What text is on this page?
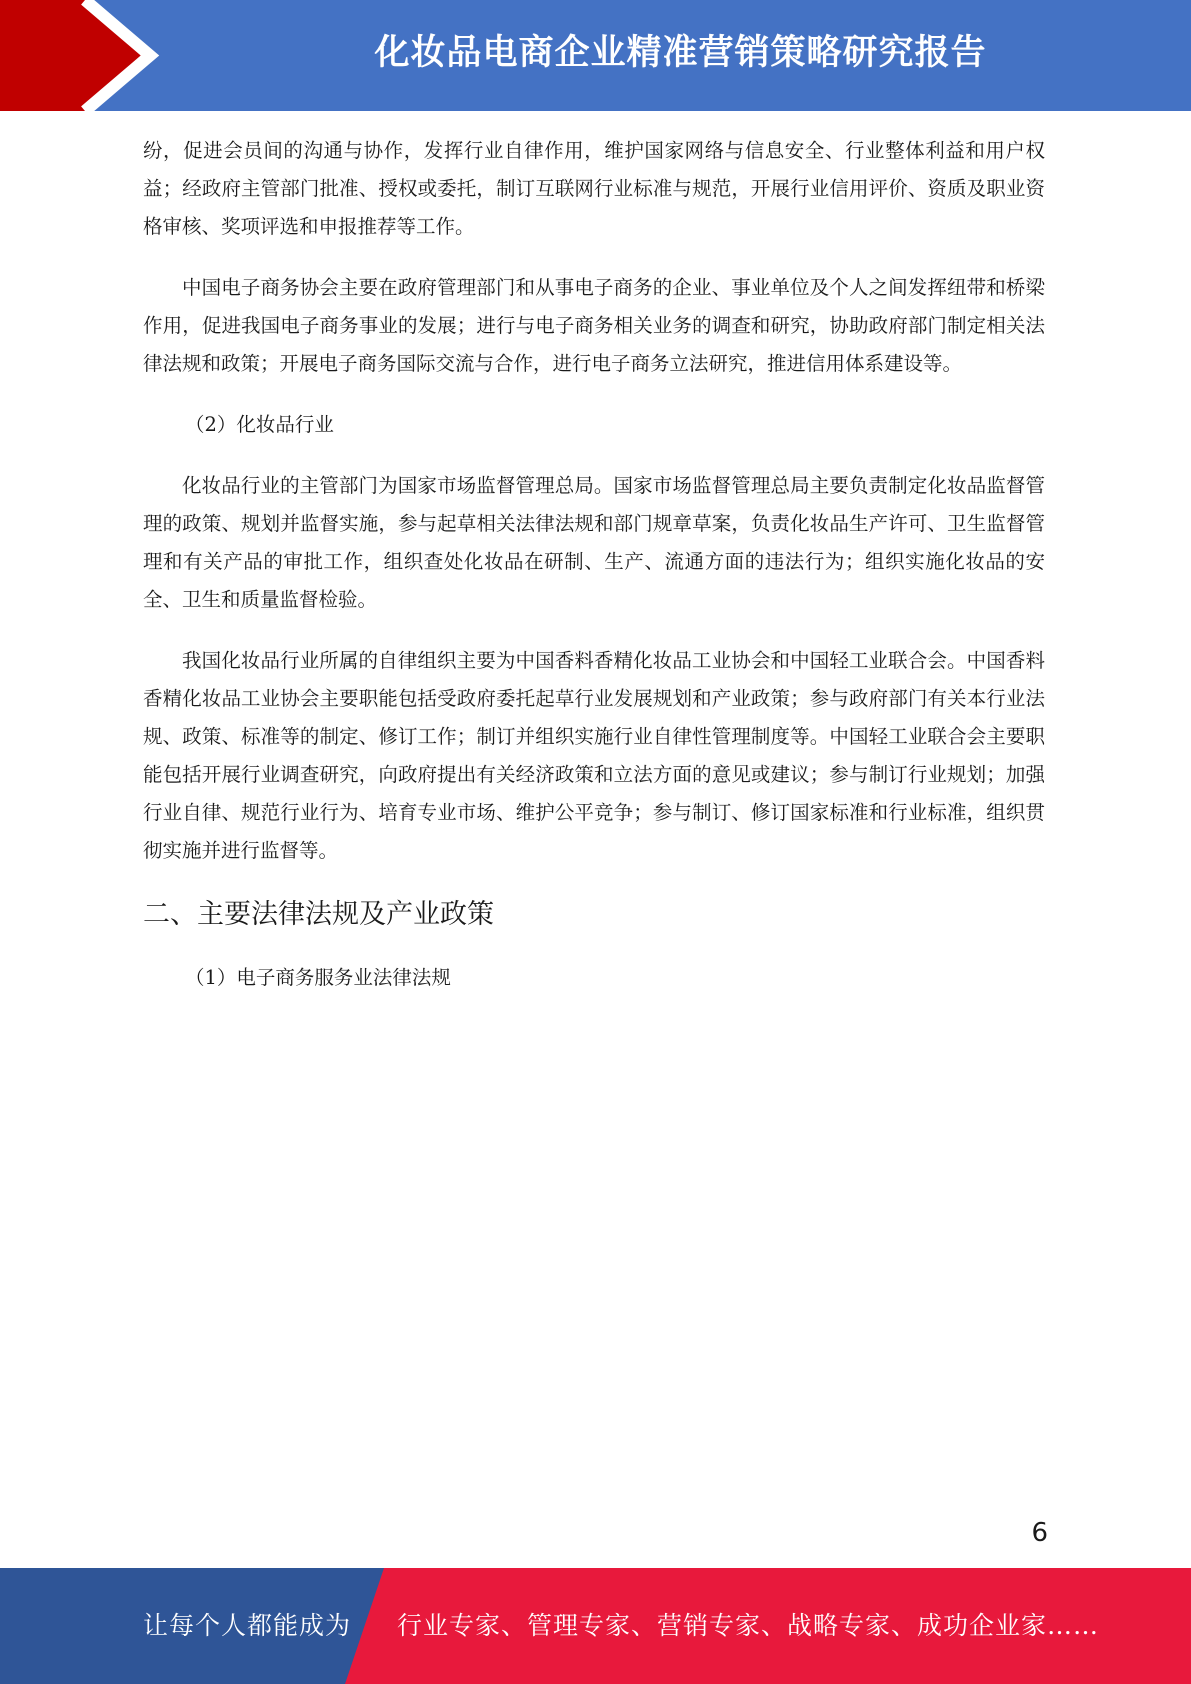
化妆品电商企业精准营销策略研究报告

纷，促进会员间的沟通与协作，发挥行业自律作用，维护国家网络与信息安全、行业整体利益和用户权益；经政府主管部门批准、授权或委托，制订互联网行业标准与规范，开展行业信用评价、资质及职业资格审核、奖项评选和申报推荐等工作。

中国电子商务协会主要在政府管理部门和从事电子商务的企业、事业单位及个人之间发挥纽带和桥梁作用，促进我国电子商务事业的发展；进行与电子商务相关业务的调查和研究，协助政府部门制定相关法律法规和政策；开展电子商务国际交流与合作，进行电子商务立法研究，推进信用体系建设等。

（2）化妆品行业

化妆品行业的主管部门为国家市场监督管理总局。国家市场监督管理总局主要负责制定化妆品监督管理的政策、规划并监督实施，参与起草相关法律法规和部门规章草案，负责化妆品生产许可、卫生监督管理和有关产品的审批工作，组织查处化妆品在研制、生产、流通方面的违法行为；组织实施化妆品的安全、卫生和质量监督检验。

我国化妆品行业所属的自律组织主要为中国香料香精化妆品工业协会和中国轻工业联合会。中国香料香精化妆品工业协会主要职能包括受政府委托起草行业发展规划和产业政策；参与政府部门有关本行业法规、政策、标准等的制定、修订工作；制订并组织实施行业自律性管理制度等。中国轻工业联合会主要职能包括开展行业调查研究，向政府提出有关经济政策和立法方面的意见或建议；参与制订行业规划；加强行业自律、规范行业行为、培育专业市场、维护公平竞争；参与制订、修订国家标准和行业标准，组织贯彻实施并进行监督等。

二、主要法律法规及产业政策

（1）电子商务服务业法律法规

6
让每个人都能成为 行业专家、管理专家、营销专家、战略专家、成功企业家……
